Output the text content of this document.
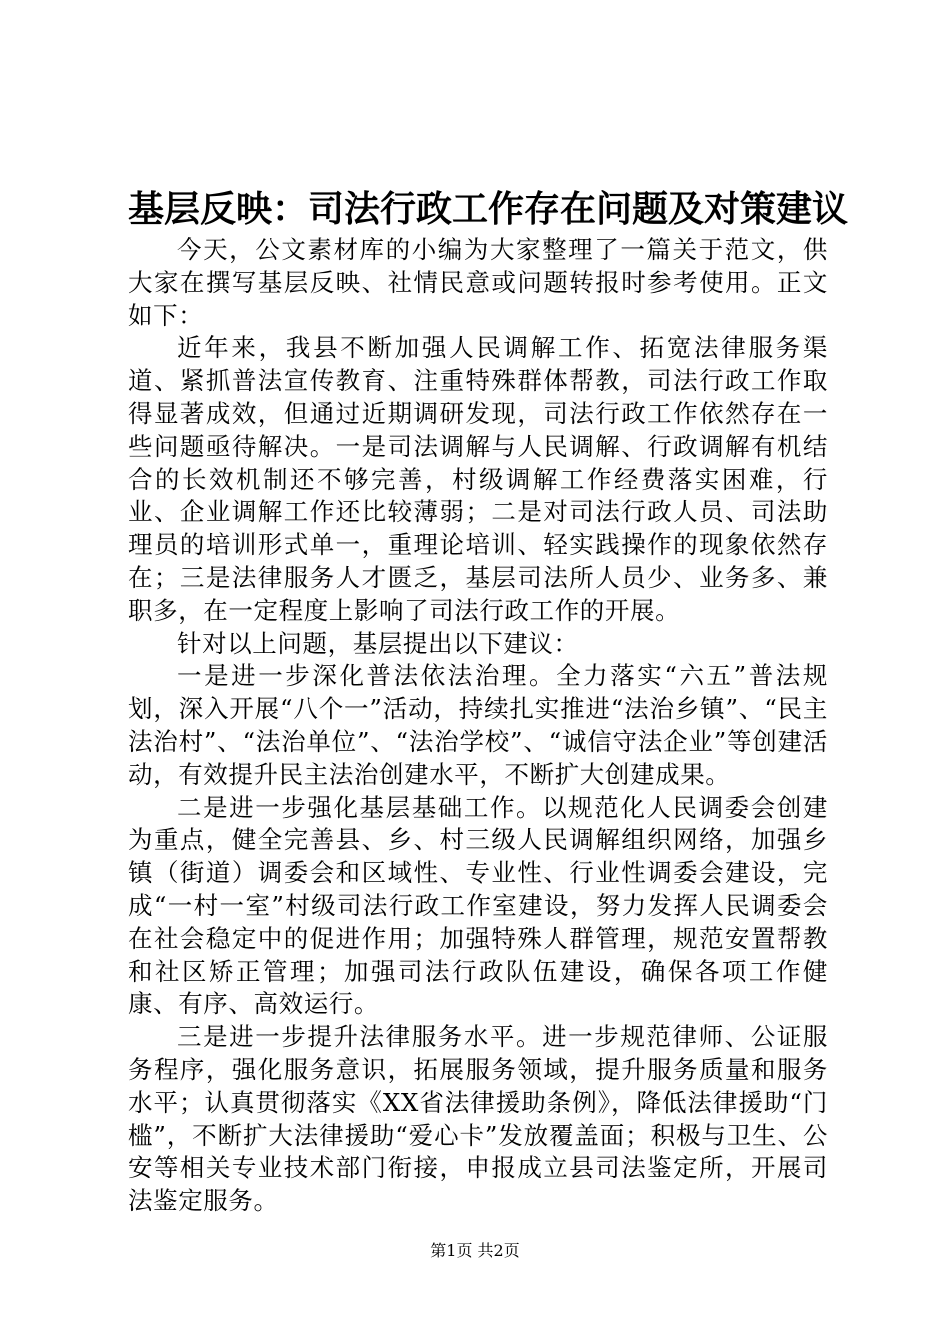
基层反映：司法行政工作存在问题及对策建议

今天，公文素材库的小编为大家整理了一篇关于范文，供大家在撰写基层反映、社情民意或问题转报时参考使用。正文如下：

近年来，我县不断加强人民调解工作、拓宽法律服务渠道、紧抓普法宣传教育、注重特殊群体帮教，司法行政工作取得显著成效，但通过近期调研发现，司法行政工作依然存在一些问题亟待解决。一是司法调解与人民调解、行政调解有机结合的长效机制还不够完善，村级调解工作经费落实困难，行业、企业调解工作还比较薄弱；二是对司法行政人员、司法助理员的培训形式单一，重理论培训、轻实践操作的现象依然存在；三是法律服务人才匮乏，基层司法所人员少、业务多、兼职多，在一定程度上影响了司法行政工作的开展。

针对以上问题，基层提出以下建议：

一是进一步深化普法依法治理。全力落实“六五”普法规划，深入开展“八个一”活动，持续扎实推进“法治乡镇”、“民主法治村”、“法治单位”、“法治学校”、“诚信守法企业”等创建活动，有效提升民主法治创建水平，不断扩大创建成果。

二是进一步强化基层基础工作。以规范化人民调委会创建为重点，健全完善县、乡、村三级人民调解组织网络，加强乡镇（街道）调委会和区域性、专业性、行业性调委会建设，完成“一村一室”村级司法行政工作室建设，努力发挥人民调委会在社会稳定中的促进作用；加强特殊人群管理，规范安置帮教和社区矫正管理；加强司法行政队伍建设，确保各项工作健康、有序、高效运行。

三是进一步提升法律服务水平。进一步规范律师、公证服务程序，强化服务意识，拓展服务领域，提升服务质量和服务水平；认真贯彻落实《XX省法律援助条例》，降低法律援助“门槛”，不断扩大法律援助“爱心卡”发放覆盖面；积极与卫生、公安等相关专业技术部门衔接，申报成立县司法鉴定所，开展司法鉴定服务。

第1页 共2页
